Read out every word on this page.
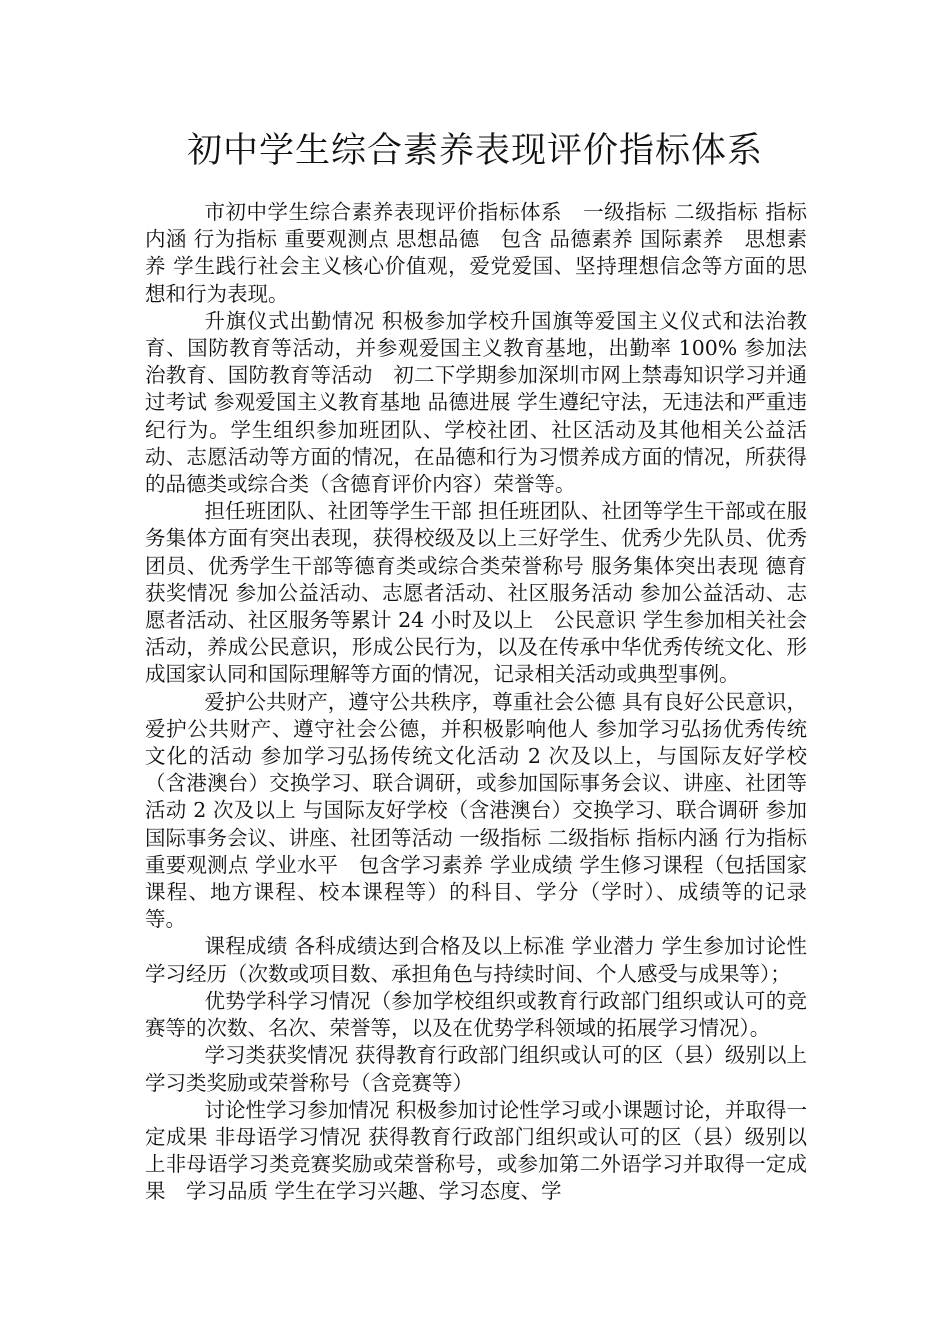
初中学生综合素养表现评价指标体系

市初中学生综合素养表现评价指标体系　一级指标 二级指标 指标内涵 行为指标 重要观测点 思想品德　包含 品德素养 国际素养　思想素养 学生践行社会主义核心价值观，爱党爱国、坚持理想信念等方面的思想和行为表现。

升旗仪式出勤情况 积极参加学校升国旗等爱国主义仪式和法治教育、国防教育等活动，并参观爱国主义教育基地，出勤率 100% 参加法治教育、国防教育等活动　初二下学期参加深圳市网上禁毒知识学习并通过考试 参观爱国主义教育基地 品德进展 学生遵纪守法，无违法和严重违纪行为。学生组织参加班团队、学校社团、社区活动及其他相关公益活动、志愿活动等方面的情况，在品德和行为习惯养成方面的情况，所获得的品德类或综合类（含德育评价内容）荣誉等。

担任班团队、社团等学生干部 担任班团队、社团等学生干部或在服务集体方面有突出表现，获得校级及以上三好学生、优秀少先队员、优秀团员、优秀学生干部等德育类或综合类荣誉称号 服务集体突出表现 德育获奖情况 参加公益活动、志愿者活动、社区服务活动 参加公益活动、志愿者活动、社区服务等累计 24 小时及以上　公民意识 学生参加相关社会活动，养成公民意识，形成公民行为，以及在传承中华优秀传统文化、形成国家认同和国际理解等方面的情况，记录相关活动或典型事例。

爱护公共财产，遵守公共秩序，尊重社会公德 具有良好公民意识，爱护公共财产、遵守社会公德，并积极影响他人 参加学习弘扬优秀传统文化的活动 参加学习弘扬传统文化活动 2 次及以上，与国际友好学校（含港澳台）交换学习、联合调研，或参加国际事务会议、讲座、社团等活动 2 次及以上 与国际友好学校（含港澳台）交换学习、联合调研 参加国际事务会议、讲座、社团等活动 一级指标 二级指标 指标内涵 行为指标 重要观测点 学业水平　包含学习素养 学业成绩 学生修习课程（包括国家课程、地方课程、校本课程等）的科目、学分（学时）、成绩等的记录等。

课程成绩 各科成绩达到合格及以上标准 学业潜力 学生参加讨论性学习经历（次数或项目数、承担角色与持续时间、个人感受与成果等）；

优势学科学习情况（参加学校组织或教育行政部门组织或认可的竞赛等的次数、名次、荣誉等，以及在优势学科领域的拓展学习情况）。

学习类获奖情况 获得教育行政部门组织或认可的区（县）级别以上学习类奖励或荣誉称号（含竞赛等）

讨论性学习参加情况 积极参加讨论性学习或小课题讨论，并取得一定成果 非母语学习情况 获得教育行政部门组织或认可的区（县）级别以上非母语学习类竞赛奖励或荣誉称号，或参加第二外语学习并取得一定成果　学习品质 学生在学习兴趣、学习态度、学
